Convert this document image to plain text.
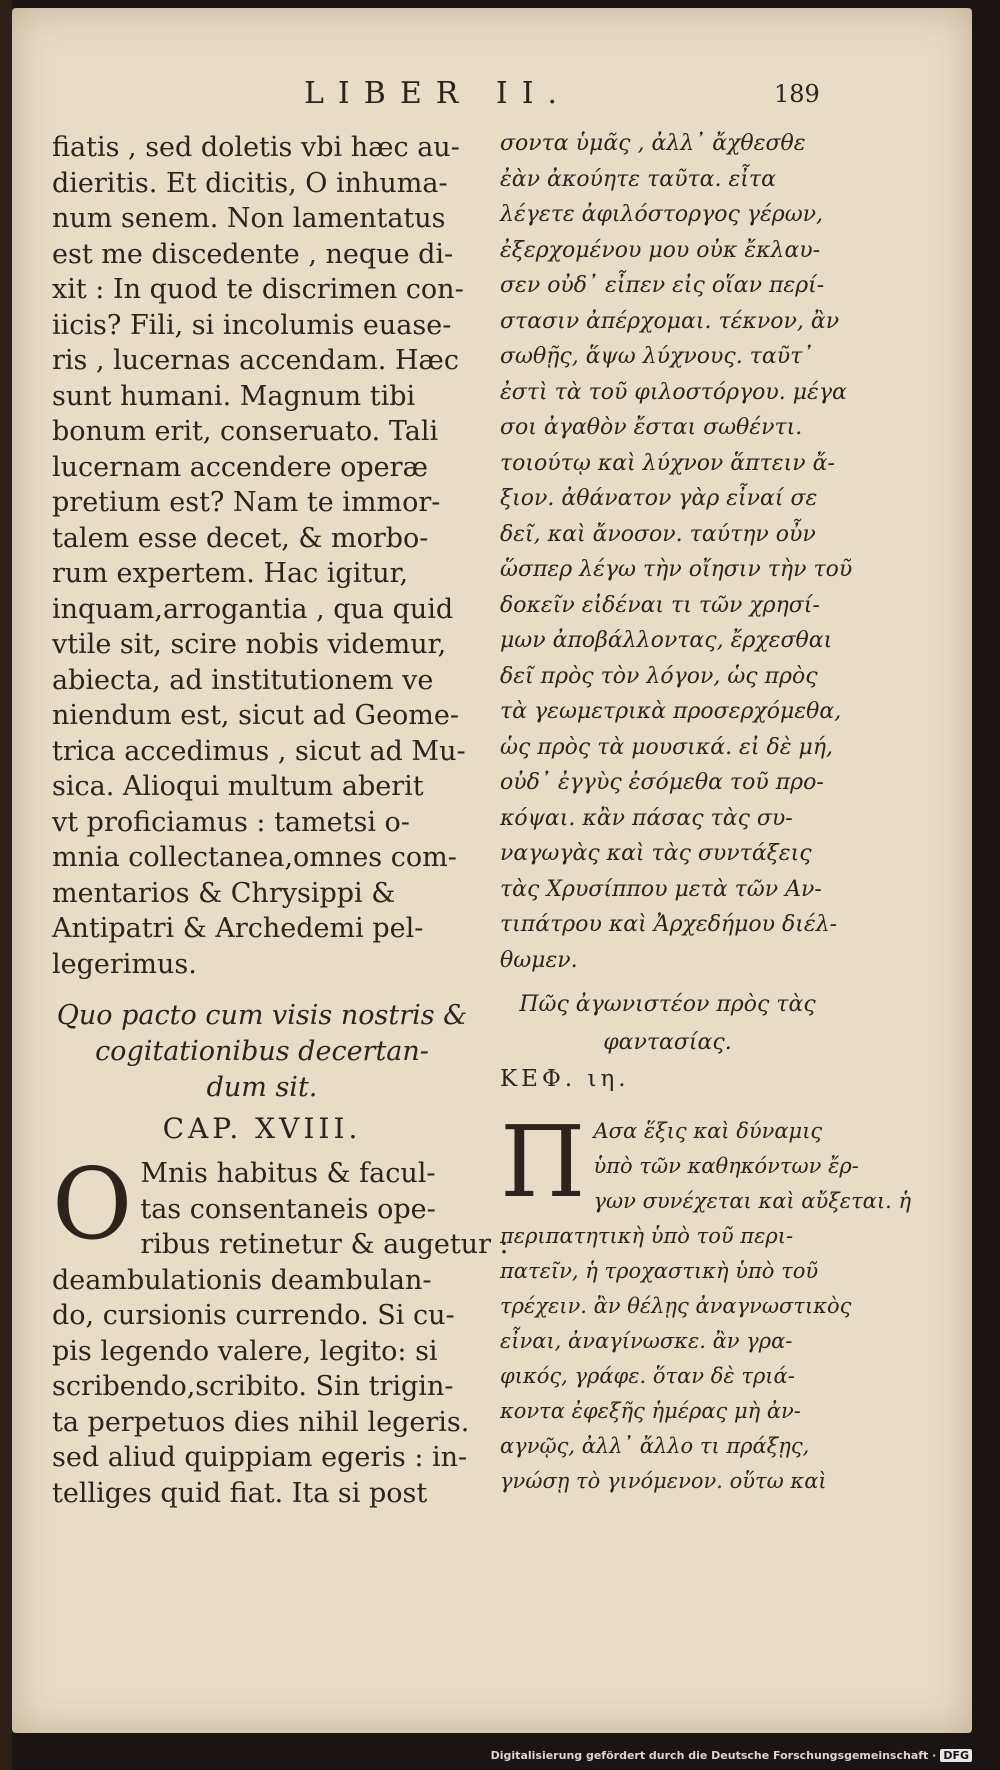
LIBER II.	189
fiatis , sed doletis vbi hæc au-
dieritis. Et dicitis, O inhuma-
num senem. Non lamentatus
est me discedente , neque di-
xit : In quod te discrimen con-
iicis? Fili, si incolumis euase-
ris , lucernas accendam. Hæc
sunt humani. Magnum tibi
bonum erit, conseruato. Tali
lucernam accendere operæ
pretium est? Nam te immor-
talem esse decet, & morbo-
rum expertem. Hac igitur,
inquam,arrogantia , qua quid
vtile sit, scire nobis videmur,
abiecta, ad institutionem ve
niendum est, sicut ad Geome-
trica accedimus , sicut ad Mu-
sica. Alioqui multum aberit
vt proficiamus : tametsi o-
mnia collectanea,omnes com-
mentarios & Chrysippi &
Antipatri & Archedemi pel-
legerimus.
σοντα ὑμᾶς , ἀλλ᾽ ἄχθεσθε
ἐὰν ἀκούητε ταῦτα. εἶτα
λέγετε ἀφιλόστοργος γέρων,
ἐξερχομένου μου οὐκ ἔκλαυ-
σεν οὐδ᾽ εἶπεν εἰς οἵαν περί-
στασιν ἀπέρχομαι. τέκνον, ἂν
σωθῇς, ἅψω λύχνους. ταῦτ᾽
ἐστὶ τὰ τοῦ φιλοστόργου. μέγα
σοι ἀγαθὸν ἔσται σωθέντι.
τοιούτῳ καὶ λύχνον ἅπτειν ἄ-
ξιον. ἀθάνατον γὰρ εἶναί σε
δεῖ, καὶ ἄνοσον. ταύτην οὖν
ὥσπερ λέγω τὴν οἴησιν τὴν τοῦ
δοκεῖν εἰδέναι τι τῶν χρησί-
μων ἀποβάλλοντας, ἔρχεσθαι
δεῖ πρὸς τὸν λόγον, ὡς πρὸς
τὰ γεωμετρικὰ προσερχόμεθα,
ὡς πρὸς τὰ μουσικά. εἰ δὲ μή,
οὐδ᾽ ἐγγὺς ἐσόμεθα τοῦ προ-
κόψαι. κἂν πάσας τὰς συ-
ναγωγὰς καὶ τὰς συντάξεις
τὰς Χρυσίππου μετὰ τῶν Αν-
τιπάτρου καὶ Ἀρχεδήμου διέλ-
θωμεν.
Quo pacto cum visis nostris &
cogitationibus decertan-
dum sit.
CAP. XVIII.
O Mnis habitus & facul-
tas consentaneis ope-
ribus retinetur & augetur :
deambulationis deambulan-
do, cursionis currendo. Si cu-
pis legendo valere, legito: si
scribendo,scribito. Sin trigin-
ta perpetuos dies nihil legeris.
sed aliud quippiam egeris : in-
telliges quid fiat. Ita si post
Πῶς ἀγωνιστέον πρὸς τὰς
φαντασίας.
ΚΕΦ. ιη.
Π Ασα ἕξις καὶ δύναμις
ὑπὸ τῶν καθηκόντων ἔρ-
γων συνέχεται καὶ αὔξεται. ἡ
περιπατητικὴ ὑπὸ τοῦ περι-
πατεῖν, ἡ τροχαστικὴ ὑπὸ τοῦ
τρέχειν. ἂν θέλῃς ἀναγνωστικὸς
εἶναι, ἀναγίνωσκε. ἂν γρα-
φικός, γράφε. ὅταν δὲ τριά-
κοντα ἐφεξῆς ἡμέρας μὴ ἀν-
αγνῷς, ἀλλ᾽ ἄλλο τι πράξῃς,
γνώσῃ τὸ γινόμενον. οὕτω καὶ
Digitalisierung gefördert durch die Deutsche Forschungsgemeinschaft · DFG
